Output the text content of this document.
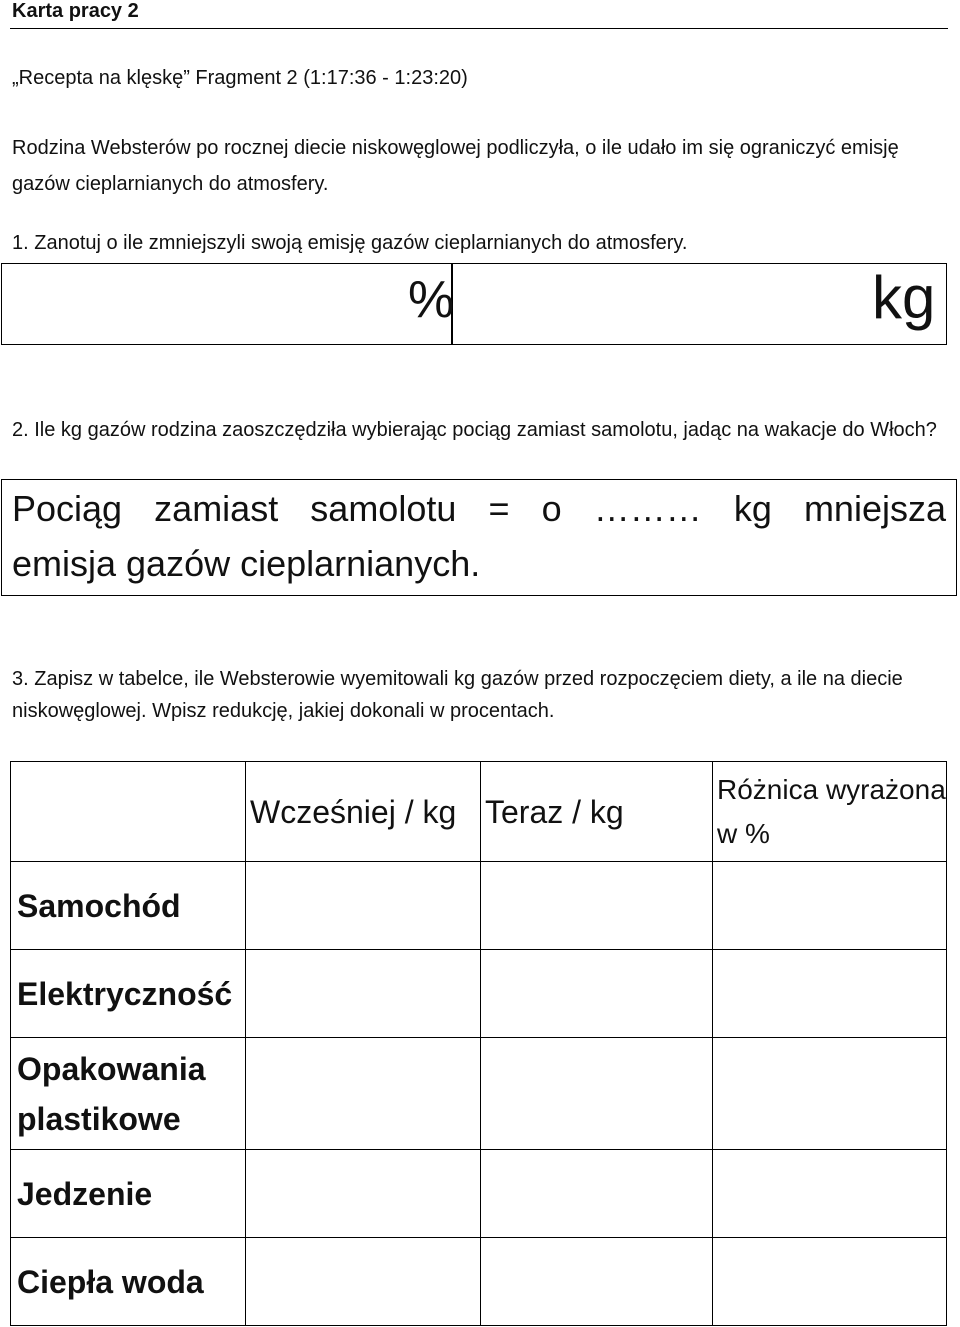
Karta pracy 2
„Recepta na klęskę” Fragment 2 (1:17:36 - 1:23:20)
Rodzina Websterów po rocznej diecie niskowęglowej podliczyła, o ile udało im się ograniczyć emisję gazów cieplarnianych do atmosfery.
1. Zanotuj o ile zmniejszyli swoją emisję gazów cieplarnianych do atmosfery.
%	kg
2. Ile kg gazów rodzina zaoszczędziła wybierając pociąg zamiast samolotu, jadąc na wakacje do Włoch?
Pociąg zamiast samolotu = o ……… kg mniejsza
emisja gazów cieplarnianych.
3. Zapisz w tabelce, ile Websterowie wyemitowali kg gazów przed rozpoczęciem diety, a ile na diecie niskowęglowej. Wpisz redukcję, jakiej dokonali w procentach.

	Wcześniej / kg	Teraz / kg	Różnica wyrażona w %

Samochód			
Elektryczność			
Opakowania plastikowe			
Jedzenie			
Ciepła woda			
